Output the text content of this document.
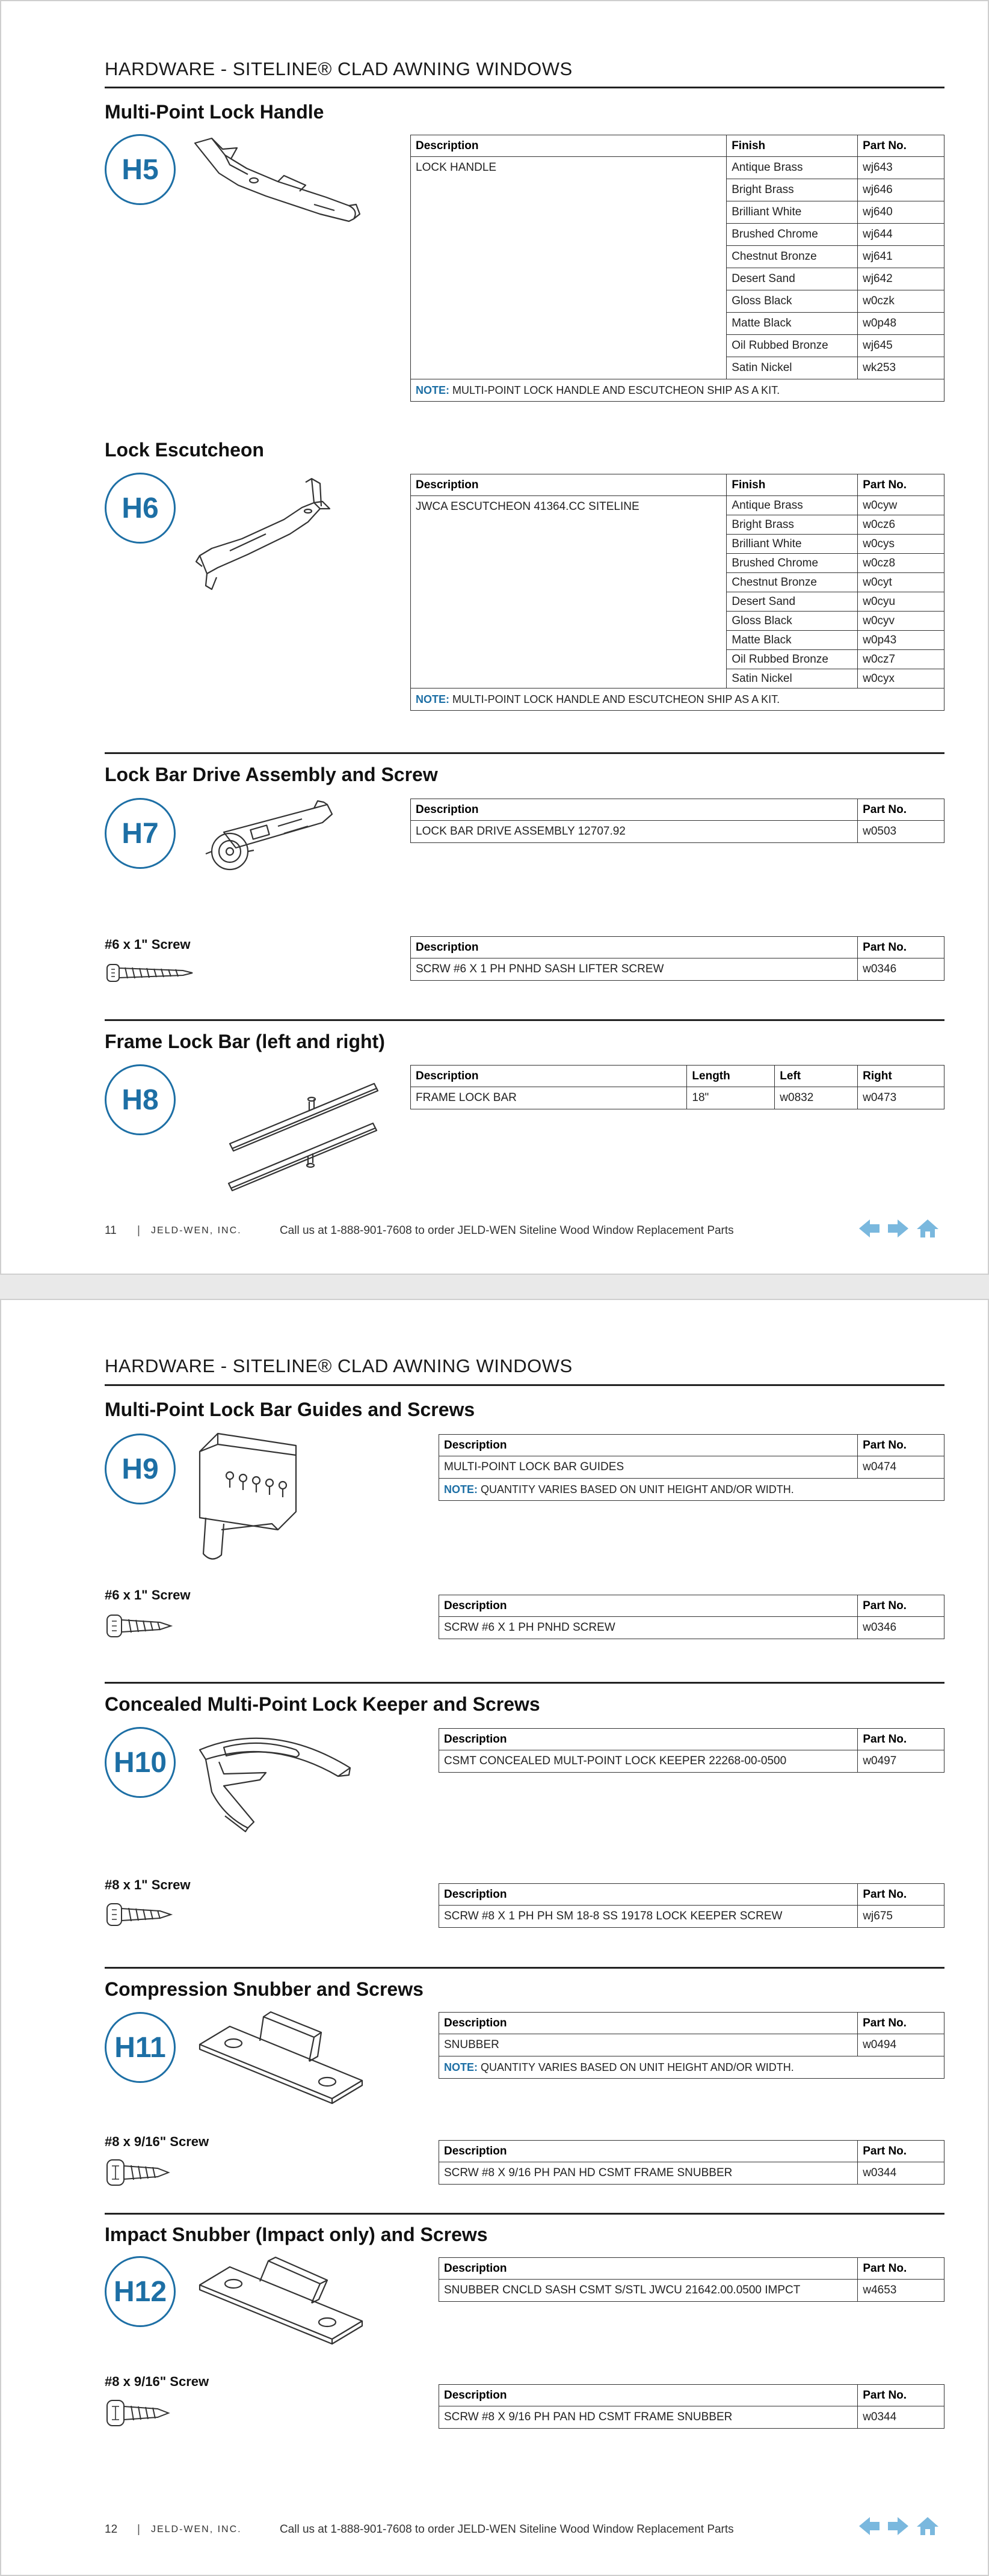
HARDWARE - SITELINE® CLAD AWNING WINDOWS
Multi-Point Lock Handle
H5
Description	Finish	Part No.
LOCK HANDLE	Antique Brass	wj643
	Bright Brass	wj646
	Brilliant White	wj640
	Brushed Chrome	wj644
	Chestnut Bronze	wj641
	Desert Sand	wj642
	Gloss Black	w0czk
	Matte Black	w0p48
	Oil Rubbed Bronze	wj645
	Satin Nickel	wk253
NOTE: MULTI-POINT LOCK HANDLE AND ESCUTCHEON SHIP AS A KIT.		
Lock Escutcheon
H6
Description	Finish	Part No.
JWCA ESCUTCHEON 41364.CC SITELINE	Antique Brass	w0cyw
	Bright Brass	w0cz6
	Brilliant White	w0cys
	Brushed Chrome	w0cz8
	Chestnut Bronze	w0cyt
	Desert Sand	w0cyu
	Gloss Black	w0cyv
	Matte Black	w0p43
	Oil Rubbed Bronze	w0cz7
	Satin Nickel	w0cyx
NOTE: MULTI-POINT LOCK HANDLE AND ESCUTCHEON SHIP AS A KIT.		
Lock Bar Drive Assembly and Screw
H7
Description	Part No.
LOCK BAR DRIVE ASSEMBLY 12707.92	w0503
#6 x 1" Screw	Description	Part No.
SCRW #6 X 1 PH PNHD SASH LIFTER SCREW	w0346
Frame Lock Bar (left and right)
H8
Description	Length	Left	Right
FRAME LOCK BAR	18"	w0832	w0473
11	| JELD-WEN, INC.	Call us at 1-888-901-7608 to order JELD-WEN Siteline Wood Window Replacement Parts
HARDWARE - SITELINE® CLAD AWNING WINDOWS
Multi-Point Lock Bar Guides and Screws
H9
Description	Part No.
MULTI-POINT LOCK BAR GUIDES	w0474
NOTE: QUANTITY VARIES BASED ON UNIT HEIGHT AND/OR WIDTH.	
#6 x 1" Screw
Description	Part No.
SCRW #6 X 1 PH PNHD SCREW	w0346
Concealed Multi-Point Lock Keeper and Screws
H10
Description	Part No.
CSMT CONCEALED MULT-POINT LOCK KEEPER 22268-00-0500	w0497
#8 x 1" Screw
Description	Part No.
SCRW #8 X 1 PH PH SM 18-8 SS 19178 LOCK KEEPER SCREW	wj675
Compression Snubber and Screws
H11
Description	Part No.
SNUBBER	w0494
NOTE: QUANTITY VARIES BASED ON UNIT HEIGHT AND/OR WIDTH.	
#8 x 9/16" Screw
Description	Part No.
SCRW #8 X 9/16 PH PAN HD CSMT FRAME SNUBBER	w0344
Impact Snubber (Impact only) and Screws
H12
Description	Part No.
SNUBBER CNCLD SASH CSMT S/STL JWCU 21642.00.0500 IMPCT	w4653
#8 x 9/16" Screw
Description	Part No.
SCRW #8 X 9/16 PH PAN HD CSMT FRAME SNUBBER	w0344
12	| JELD-WEN, INC.	Call us at 1-888-901-7608 to order JELD-WEN Siteline Wood Window Replacement Parts
